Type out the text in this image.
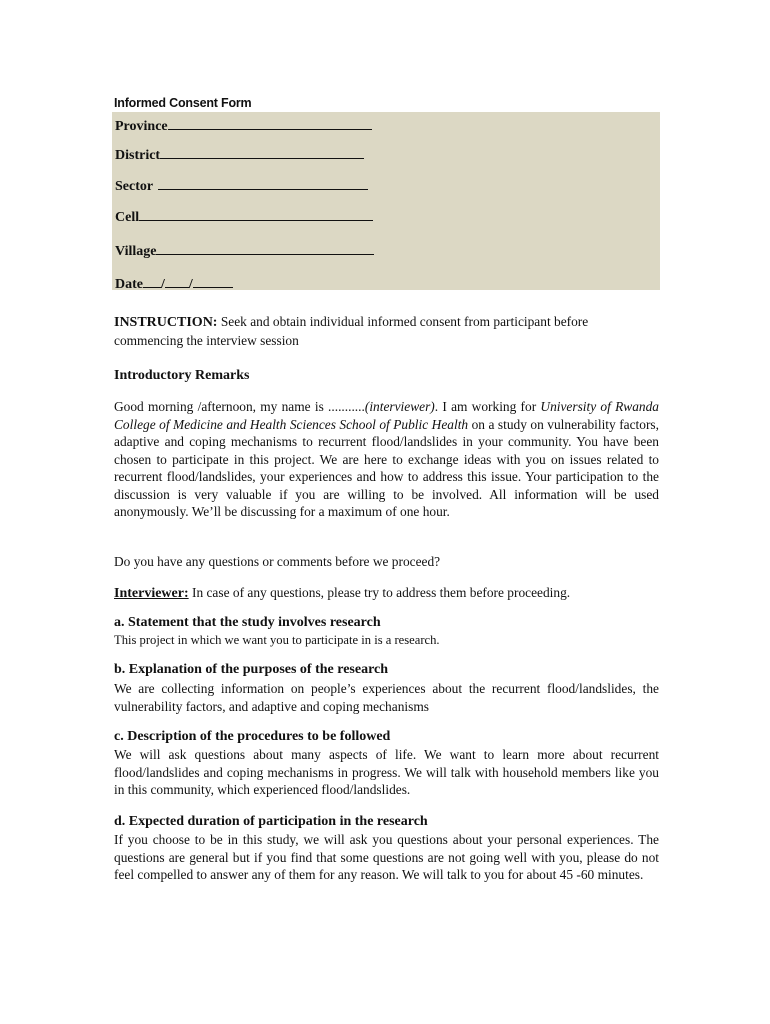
Informed Consent Form
Province
District
Sector
Cell
Village
Date / /
INSTRUCTION: Seek and obtain individual informed consent from participant before commencing the interview session
Introductory Remarks
Good morning /afternoon, my name is ...........(interviewer). I am working for University of Rwanda College of Medicine and Health Sciences School of Public Health on a study on vulnerability factors, adaptive and coping mechanisms to recurrent flood/landslides in your community. You have been chosen to participate in this project. We are here to exchange ideas with you on issues related to recurrent flood/landslides, your experiences and how to address this issue. Your participation to the discussion is very valuable if you are willing to be involved. All information will be used anonymously. We’ll be discussing for a maximum of one hour.
Do you have any questions or comments before we proceed?
Interviewer: In case of any questions, please try to address them before proceeding.
a. Statement that the study involves research
This project in which we want you to participate in is a research.
b. Explanation of the purposes of the research
We are collecting information on people’s experiences about the recurrent flood/landslides, the vulnerability factors, and adaptive and coping mechanisms
c. Description of the procedures to be followed
We will ask questions about many aspects of life. We want to learn more about recurrent flood/landslides and coping mechanisms in progress. We will talk with household members like you in this community, which experienced flood/landslides.
d. Expected duration of participation in the research
If you choose to be in this study, we will ask you questions about your personal experiences. The questions are general but if you find that some questions are not going well with you, please do not feel compelled to answer any of them for any reason. We will talk to you for about 45 -60 minutes.
